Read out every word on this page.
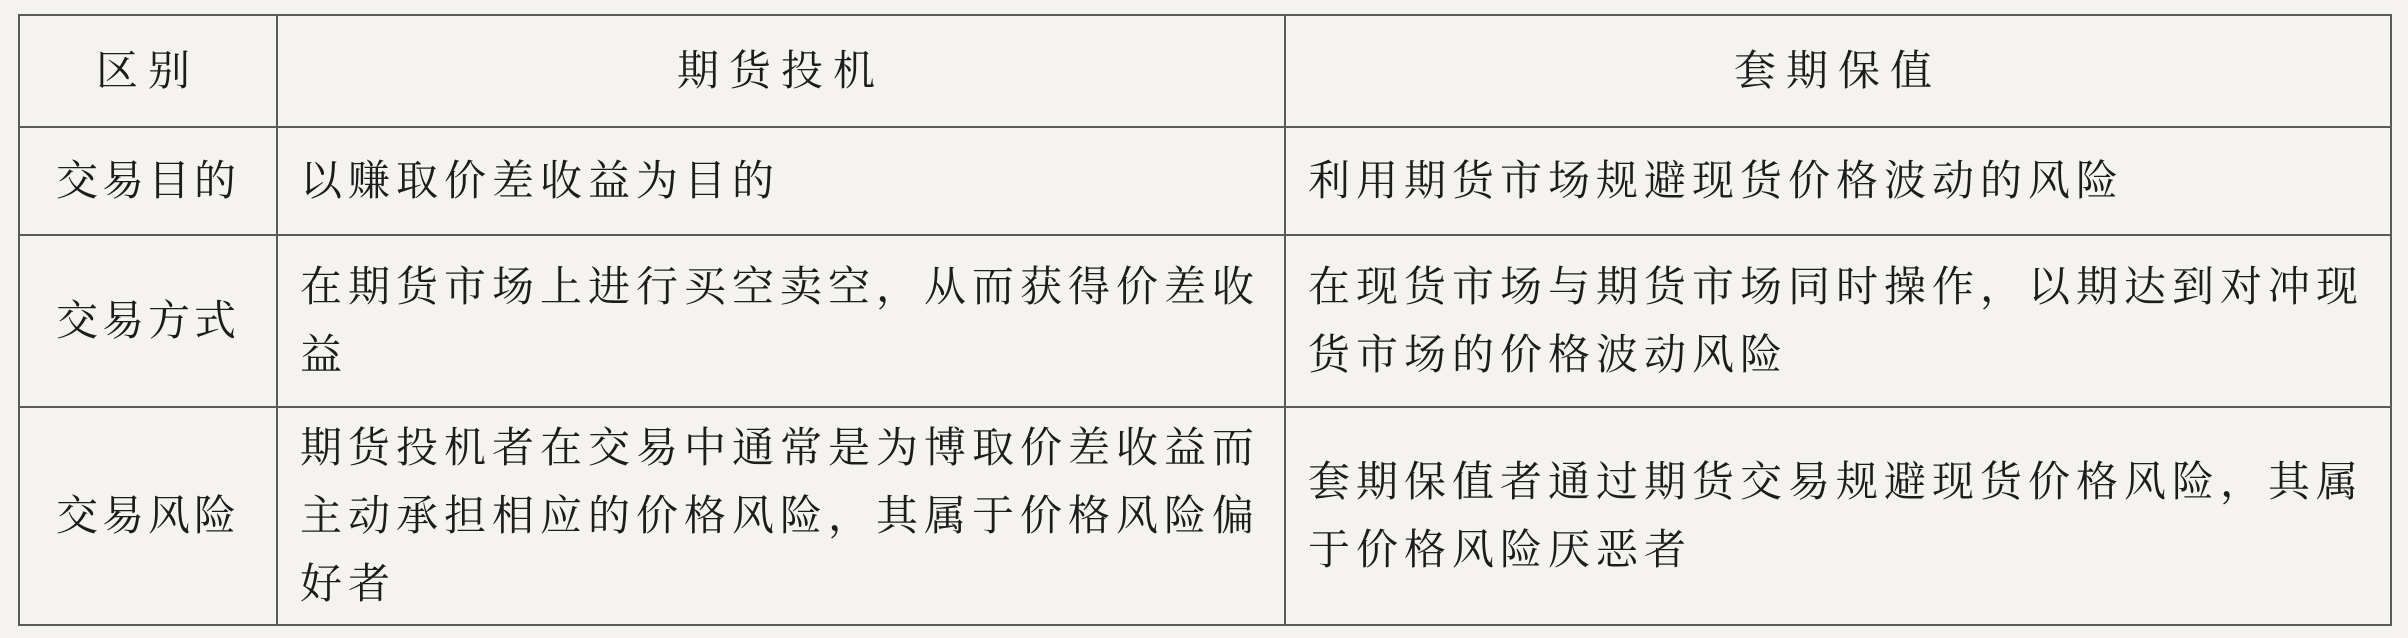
区别	期货投机	套期保值
交易目的	以赚取价差收益为目的	利用期货市场规避现货价格波动的风险
交易方式	在期货市场上进行买空卖空，从而获得价差收益	在现货市场与期货市场同时操作，以期达到对冲现货市场的价格波动风险
交易风险	期货投机者在交易中通常是为博取价差收益而主动承担相应的价格风险，其属于价格风险偏好者	套期保值者通过期货交易规避现货价格风险，其属于价格风险厌恶者
